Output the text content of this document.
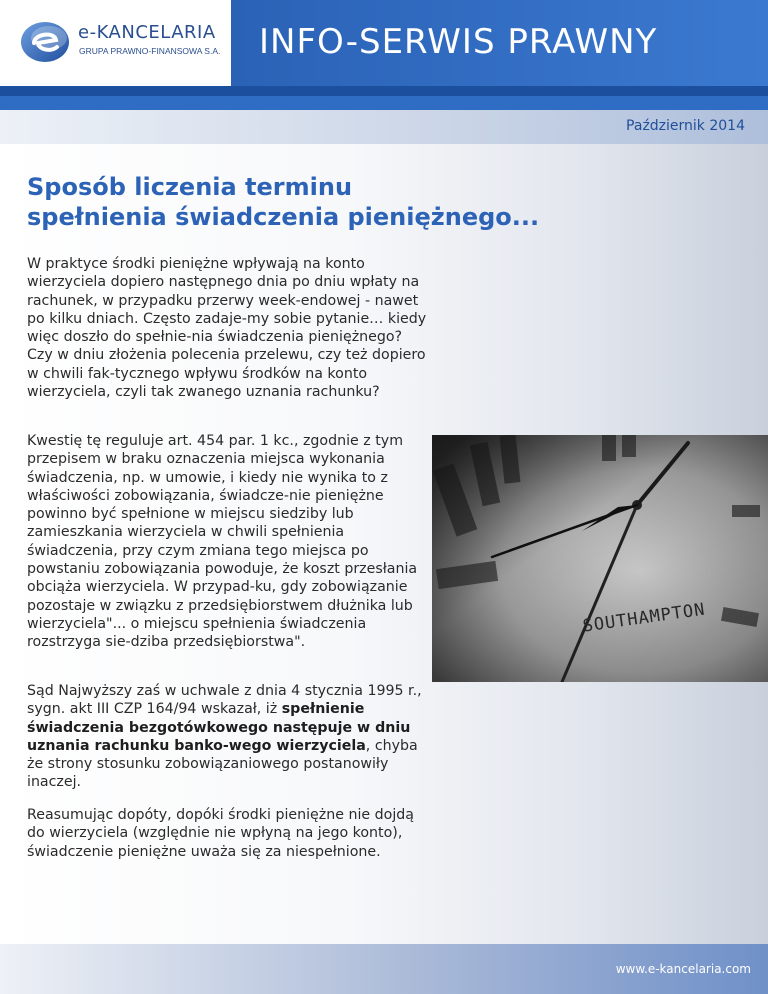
e-KANCELARIA
GRUPA PRAWNO-FINANSOWA S.A. INFO-SERWIS PRAWNY
Październik 2014
Sposób liczenia terminu
spełnienia świadczenia pieniężnego...

W praktyce środki pieniężne wpływają na konto wierzyciela dopiero następnego dnia po dniu wpłaty na rachunek, w przypadku przerwy week-endowej - nawet po kilku dniach. Często zadaje-my sobie pytanie… kiedy więc doszło do spełnie-nia świadczenia pieniężnego? Czy w dniu złożenia polecenia przelewu, czy też dopiero w chwili fak-tycznego wpływu środków na konto wierzyciela, czyli tak zwanego uznania rachunku?

Kwestię tę reguluje art. 454 par. 1 kc., zgodnie z tym przepisem w braku oznaczenia miejsca wykonania świadczenia, np. w umowie, i kiedy nie wynika to z właściwości zobowiązania, świadcze-nie pieniężne powinno być spełnione w miejscu siedziby lub zamieszkania wierzyciela w chwili spełnienia świadczenia, przy czym zmiana tego miejsca po powstaniu zobowiązania powoduje, że koszt przesłania obciąża wierzyciela. W przypad-ku, gdy zobowiązanie pozostaje w związku z przedsiębiorstwem dłużnika lub wierzyciela"... o miejscu spełnienia świadczenia rozstrzyga sie-dziba przedsiębiorstwa".

Sąd Najwyższy zaś w uchwale z dnia 4 stycznia 1995 r., sygn. akt III CZP 164/94 wskazał, iż spełnienie świadczenia bezgotówkowego następuje w dniu uznania rachunku banko-wego wierzyciela, chyba że strony stosunku zobowiązaniowego postanowiły inaczej.

Reasumując dopóty, dopóki środki pieniężne nie dojdą do wierzyciela (względnie nie wpłyną na jego konto), świadczenie pieniężne uważa się za niespełnione.

www.e-kancelaria.com
